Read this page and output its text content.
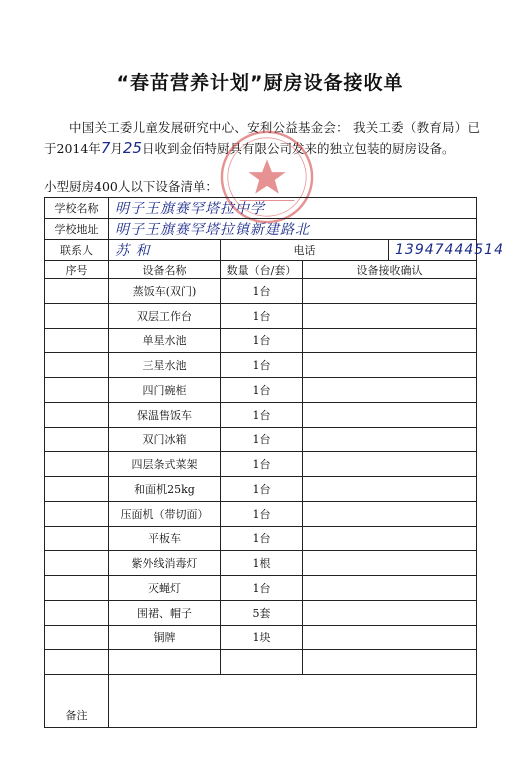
“春苗营养计划”厨房设备接收单
中国关工委儿童发展研究中心、安利公益基金会： 我关工委（教育局）已于2014年7月25日收到金佰特厨具有限公司发来的独立包装的厨房设备。
小型厨房400人以下设备清单：
学校名称	明子王旗赛罕塔拉中学			
学校地址	明子王旗赛罕塔拉镇新建路北			
联系人	苏 和	电话		13947444514
序号	设备名称	数量（台/套）	设备接收确认	
	蒸饭车(双门)	1台		
	双层工作台	1台		
	单星水池	1台		
	三星水池	1台		
	四门碗柜	1台		
	保温售饭车	1台		
	双门冰箱	1台		
	四层条式菜架	1台		
	和面机25kg	1台		
	压面机（带切面）	1台		
	平板车	1台		
	紫外线消毒灯	1根		
	灭蝇灯	1台		
	围裙、帽子	5套		
	铜牌	1块		

备注				
